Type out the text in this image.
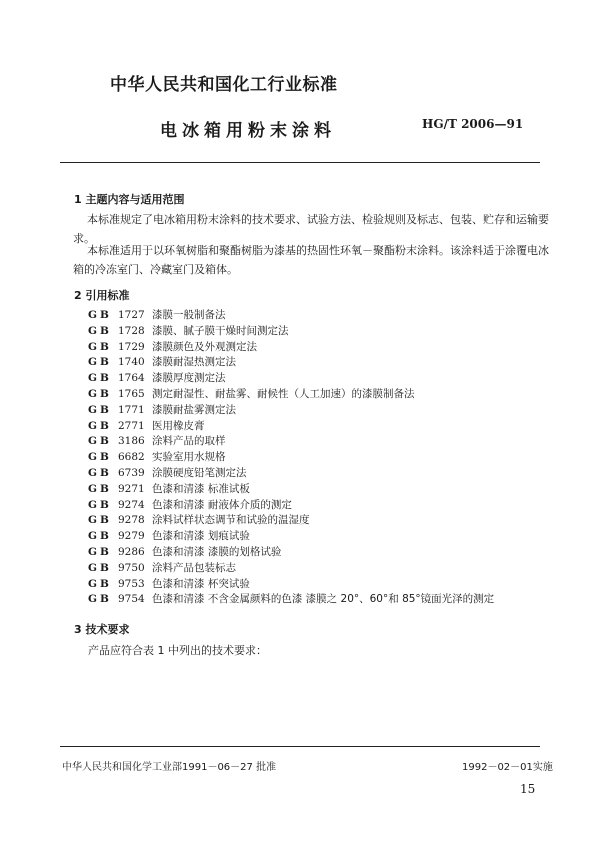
中华人民共和国化工行业标准
电冰箱用粉末涂料	HG/T 2006—91
1 主题内容与适用范围
本标准规定了电冰箱用粉末涂料的技术要求、试验方法、检验规则及标志、包装、贮存和运输要求。
本标准适用于以环氧树脂和聚酯树脂为漆基的热固性环氧－聚酯粉末涂料。该涂料适于涂覆电冰箱的冷冻室门、冷藏室门及箱体。
2 引用标准
GB 1727 漆膜一般制备法
GB 1728 漆膜、腻子膜干燥时间测定法
GB 1729 漆膜颜色及外观测定法
GB 1740 漆膜耐湿热测定法
GB 1764 漆膜厚度测定法
GB 1765 测定耐湿性、耐盐雾、耐候性（人工加速）的漆膜制备法
GB 1771 漆膜耐盐雾测定法
GB 2771 医用橡皮膏
GB 3186 涂料产品的取样
GB 6682 实验室用水规格
GB 6739 涂膜硬度铅笔测定法
GB 9271 色漆和清漆 标准试板
GB 9274 色漆和清漆 耐液体介质的测定
GB 9278 涂料试样状态调节和试验的温湿度
GB 9279 色漆和清漆 划痕试验
GB 9286 色漆和清漆 漆膜的划格试验
GB 9750 涂料产品包装标志
GB 9753 色漆和清漆 杯突试验
GB 9754 色漆和清漆 不含金属颜料的色漆 漆膜之 20°、60°和 85°镜面光泽的测定
3 技术要求
产品应符合表 1 中列出的技术要求：
中华人民共和国化学工业部1991－06－27 批准	1992－02－01实施
15
